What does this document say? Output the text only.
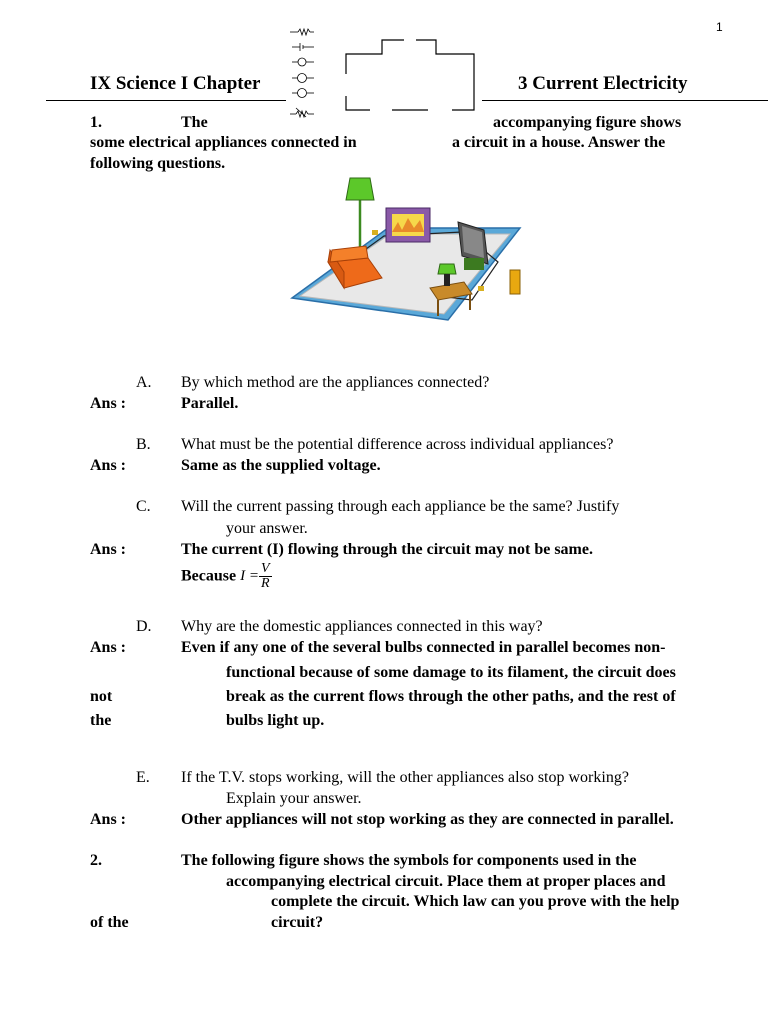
1
IX Science I Chapter	3 Current Electricity
1.	The	accompanying figure shows
some electrical appliances connected in	a circuit in a house. Answer the
following questions.
A. By which method are the appliances connected?
Ans :	Parallel.
B. What must be the potential difference across individual appliances?
Ans :	Same as the supplied voltage.
C. Will the current passing through each appliance be the same? Justify
your answer.
Ans :	The current (I) flowing through the circuit may not be same.
Because $I = \frac{V}{R}$
D. Why are the domestic appliances connected in this way?
Ans :	Even if any one of the several bulbs connected in parallel becomes non-
functional because of some damage to its filament, the circuit does
not	break as the current flows through the other paths, and the rest of
the	bulbs light up.
E. If the T.V. stops working, will the other appliances also stop working?
Explain your answer.
Ans :	Other appliances will not stop working as they are connected in parallel.
2.	The following figure shows the symbols for components used in the
accompanying electrical circuit. Place them at proper places and
complete the circuit. Which law can you prove with the help
of the	circuit?
